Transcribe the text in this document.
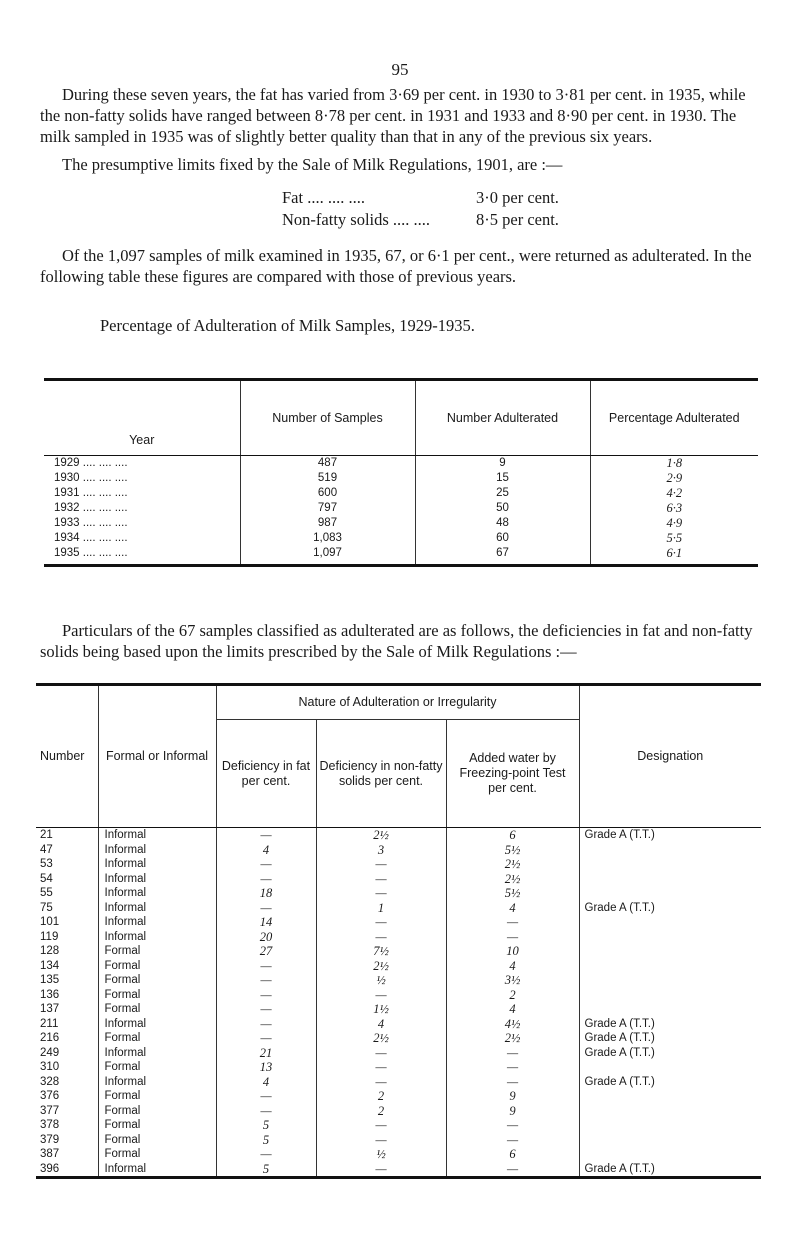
95

During these seven years, the fat has varied from 3·69 per cent. in 1930 to 3·81 per cent. in 1935, while the non-fatty solids have ranged between 8·78 per cent. in 1931 and 1933 and 8·90 per cent. in 1930. The milk sampled in 1935 was of slightly better quality than that in any of the previous six years.

The presumptive limits fixed by the Sale of Milk Regulations, 1901, are :—

Fat .... .... ....	3·0 per cent.
Non-fatty solids .... ....	8·5 per cent.

Of the 1,097 samples of milk examined in 1935, 67, or 6·1 per cent., were returned as adulterated. In the following table these figures are compared with those of previous years.

Percentage of Adulteration of Milk Samples, 1929-1935.
Year	Number of Samples	Number Adulterated	Percentage Adulterated
1929 .... .... ....	487	9	1·8
1930 .... .... ....	519	15	2·9
1931 .... .... ....	600	25	4·2
1932 .... .... ....	797	50	6·3
1933 .... .... ....	987	48	4·9
1934 .... .... ....	1,083	60	5·5
1935 .... .... ....	1,097	67	6·1

Particulars of the 67 samples classified as adulterated are as follows, the deficiencies in fat and non-fatty solids being based upon the limits prescribed by the Sale of Milk Regulations :—

Number	Formal or Informal	Nature of Adulteration or Irregularity			Designation
		Deficiency in fat per cent.	Deficiency in non-fatty solids per cent.	Added water by Freezing-point Test per cent.	
21	Informal	—	2½	6	Grade A (T.T.)
47	Informal	4	3	5½	
53	Informal	—	—	2½	
54	Informal	—	—	2½	
55	Informal	18	—	5½	
75	Informal	—	1	4	Grade A (T.T.)
101	Informal	14	—	—	
119	Informal	20	—	—	
128	Formal	27	7½	10	
134	Formal	—	2½	4	
135	Formal	—	½	3½	
136	Formal	—	—	2	
137	Formal	—	1½	4	
211	Informal	—	4	4½	Grade A (T.T.)
216	Formal	—	2½	2½	Grade A (T.T.)
249	Informal	21	—	—	Grade A (T.T.)
310	Formal	13	—	—	
328	Informal	4	—	—	Grade A (T.T.)
376	Formal	—	2	9	
377	Formal	—	2	9	
378	Formal	5	—	—	
379	Formal	5	—	—	
387	Formal	—	½	6	
396	Informal	5	—	—	Grade A (T.T.)
